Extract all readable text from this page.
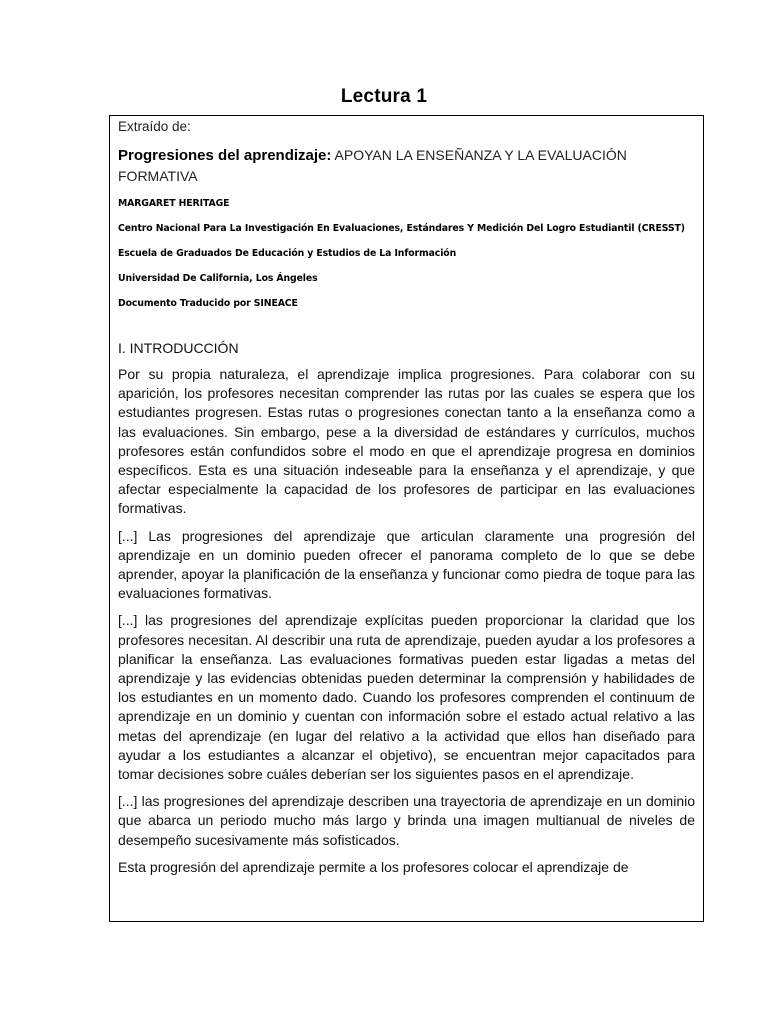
Lectura 1
Extraído de:
Progresiones del aprendizaje: APOYAN LA ENSEÑANZA Y LA EVALUACIÓN FORMATIVA
MARGARET HERITAGE
Centro Nacional Para La Investigación En Evaluaciones, Estándares Y Medición Del Logro Estudiantil (CRESST)
Escuela de Graduados De Educación y Estudios de La Información
Universidad De California, Los Ángeles
Documento Traducido por SINEACE
I. INTRODUCCIÓN

Por su propia naturaleza, el aprendizaje implica progresiones. Para colaborar con su aparición, los profesores necesitan comprender las rutas por las cuales se espera que los estudiantes progresen. Estas rutas o progresiones conectan tanto a la enseñanza como a las evaluaciones. Sin embargo, pese a la diversidad de estándares y currículos, muchos profesores están confundidos sobre el modo en que el aprendizaje progresa en dominios específicos. Esta es una situación indeseable para la enseñanza y el aprendizaje, y que afectar especialmente la capacidad de los profesores de participar en las evaluaciones formativas.

[...] Las progresiones del aprendizaje que articulan claramente una progresión del aprendizaje en un dominio pueden ofrecer el panorama completo de lo que se debe aprender, apoyar la planificación de la enseñanza y funcionar como piedra de toque para las evaluaciones formativas.

[...] las progresiones del aprendizaje explícitas pueden proporcionar la claridad que los profesores necesitan. Al describir una ruta de aprendizaje, pueden ayudar a los profesores a planificar la enseñanza. Las evaluaciones formativas pueden estar ligadas a metas del aprendizaje y las evidencias obtenidas pueden determinar la comprensión y habilidades de los estudiantes en un momento dado. Cuando los profesores comprenden el continuum de aprendizaje en un dominio y cuentan con información sobre el estado actual relativo a las metas del aprendizaje (en lugar del relativo a la actividad que ellos han diseñado para ayudar a los estudiantes a alcanzar el objetivo), se encuentran mejor capacitados para tomar decisiones sobre cuáles deberían ser los siguientes pasos en el aprendizaje.

[...] las progresiones del aprendizaje describen una trayectoria de aprendizaje en un dominio que abarca un periodo mucho más largo y brinda una imagen multianual de niveles de desempeño sucesivamente más sofisticados.

Esta progresión del aprendizaje permite a los profesores colocar el aprendizaje de
